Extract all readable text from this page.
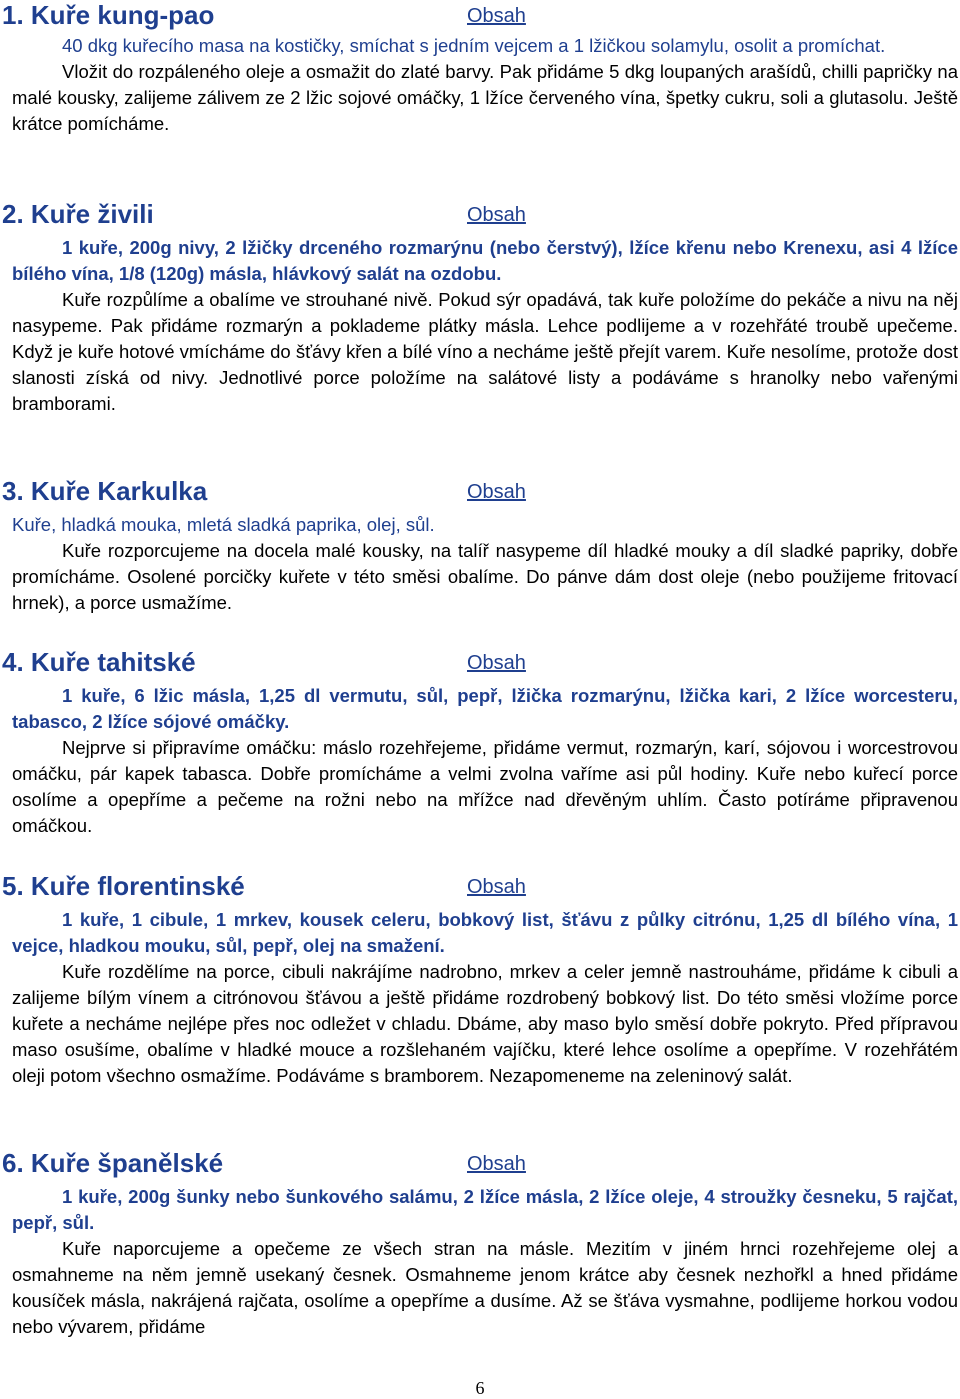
1. Kuře kung-pao	Obsah

40 dkg kuřecího masa na kostičky, smíchat s jedním vejcem a 1 lžičkou solamylu, osolit a promíchat.

Vložit do rozpáleného oleje a osmažit do zlaté barvy. Pak přidáme 5 dkg loupaných arašídů, chilli papričky na malé kousky, zalijeme zálivem ze 2 lžic sojové omáčky, 1 lžíce červeného vína, špetky cukru, soli a glutasolu. Ještě krátce pomícháme.

2. Kuře živili	Obsah

1 kuře, 200g nivy, 2 lžičky drceného rozmarýnu (nebo čerstvý), lžíce křenu nebo Krenexu, asi 4 lžíce bílého vína, 1/8 (120g) másla, hlávkový salát na ozdobu.

Kuře rozpůlíme a obalíme ve strouhané nivě. Pokud sýr opadává, tak kuře položíme do pekáče a nivu na něj nasypeme. Pak přidáme rozmarýn a poklademe plátky másla. Lehce podlijeme a v rozehřáté troubě upečeme. Když je kuře hotové vmícháme do šťávy křen a bílé víno a necháme ještě přejít varem. Kuře nesolíme, protože dost slanosti získá od nivy. Jednotlivé porce položíme na salátové listy a podáváme s hranolky nebo vařenými bramborami.

3. Kuře Karkulka	Obsah

Kuře, hladká mouka, mletá sladká paprika, olej, sůl.

Kuře rozporcujeme na docela malé kousky, na talíř nasypeme díl hladké mouky a díl sladké papriky, dobře promícháme. Osolené porcičky kuřete v této směsi obalíme. Do pánve dám dost oleje (nebo použijeme fritovací hrnek), a porce usmažíme.

4. Kuře tahitské	Obsah

1 kuře, 6 lžic másla, 1,25 dl vermutu, sůl, pepř, lžička rozmarýnu, lžička kari, 2 lžíce worcesteru, tabasco, 2 lžíce sójové omáčky.

Nejprve si připravíme omáčku: máslo rozehřejeme, přidáme vermut, rozmarýn, karí, sójovou i worcestrovou omáčku, pár kapek tabasca. Dobře promícháme a velmi zvolna vaříme asi půl hodiny. Kuře nebo kuřecí porce osolíme a opepříme a pečeme na rožni nebo na mřížce nad dřevěným uhlím. Často potíráme připravenou omáčkou.

5. Kuře florentinské	Obsah

1 kuře, 1 cibule, 1 mrkev, kousek celeru, bobkový list, šťávu z půlky citrónu, 1,25 dl bílého vína, 1 vejce, hladkou mouku, sůl, pepř, olej na smažení.

Kuře rozdělíme na porce, cibuli nakrájíme nadrobno, mrkev a celer jemně nastrouháme, přidáme k cibuli a zalijeme bílým vínem a citrónovou šťávou a ještě přidáme rozdrobený bobkový list. Do této směsi vložíme porce kuřete a necháme nejlépe přes noc odležet v chladu. Dbáme, aby maso bylo směsí dobře pokryto. Před přípravou maso osušíme, obalíme v hladké mouce a rozšlehaném vajíčku, které lehce osolíme a opepříme. V rozehřátém oleji potom všechno osmažíme. Podáváme s bramborem. Nezapomeneme na zeleninový salát.

6. Kuře španělské	Obsah

1 kuře, 200g šunky nebo šunkového salámu, 2 lžíce másla, 2 lžíce oleje, 4 stroužky česneku, 5 rajčat, pepř, sůl.

Kuře naporcujeme a opečeme ze všech stran na másle. Mezitím v jiném hrnci rozehřejeme olej a osmahneme na něm jemně usekaný česnek. Osmahneme jenom krátce aby česnek nezhořkl a hned přidáme kousíček másla, nakrájená rajčata, osolíme a opepříme a dusíme. Až se šťáva vysmahne, podlijeme horkou vodou nebo vývarem, přidáme

6
